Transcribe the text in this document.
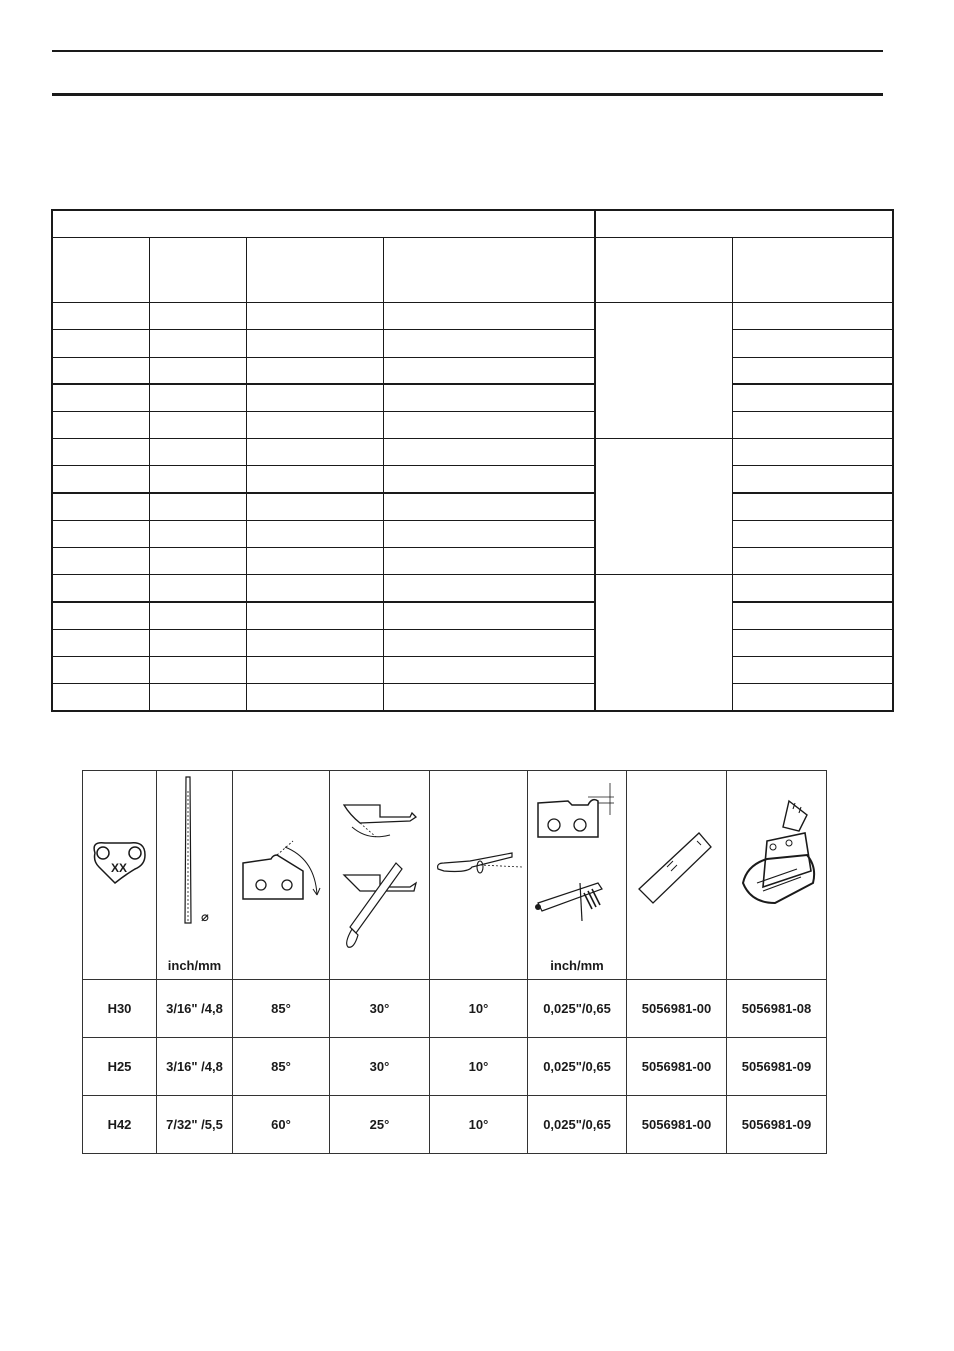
XX	⌀
inch/mm				inch/mm

H30	3/16" /4,8	85°	30°	10°	0,025"/0,65	5056981-00	5056981-08
H25	3/16" /4,8	85°	30°	10°	0,025"/0,65	5056981-00	5056981-09
H42	7/32" /5,5	60°	25°	10°	0,025"/0,65	5056981-00	5056981-09
